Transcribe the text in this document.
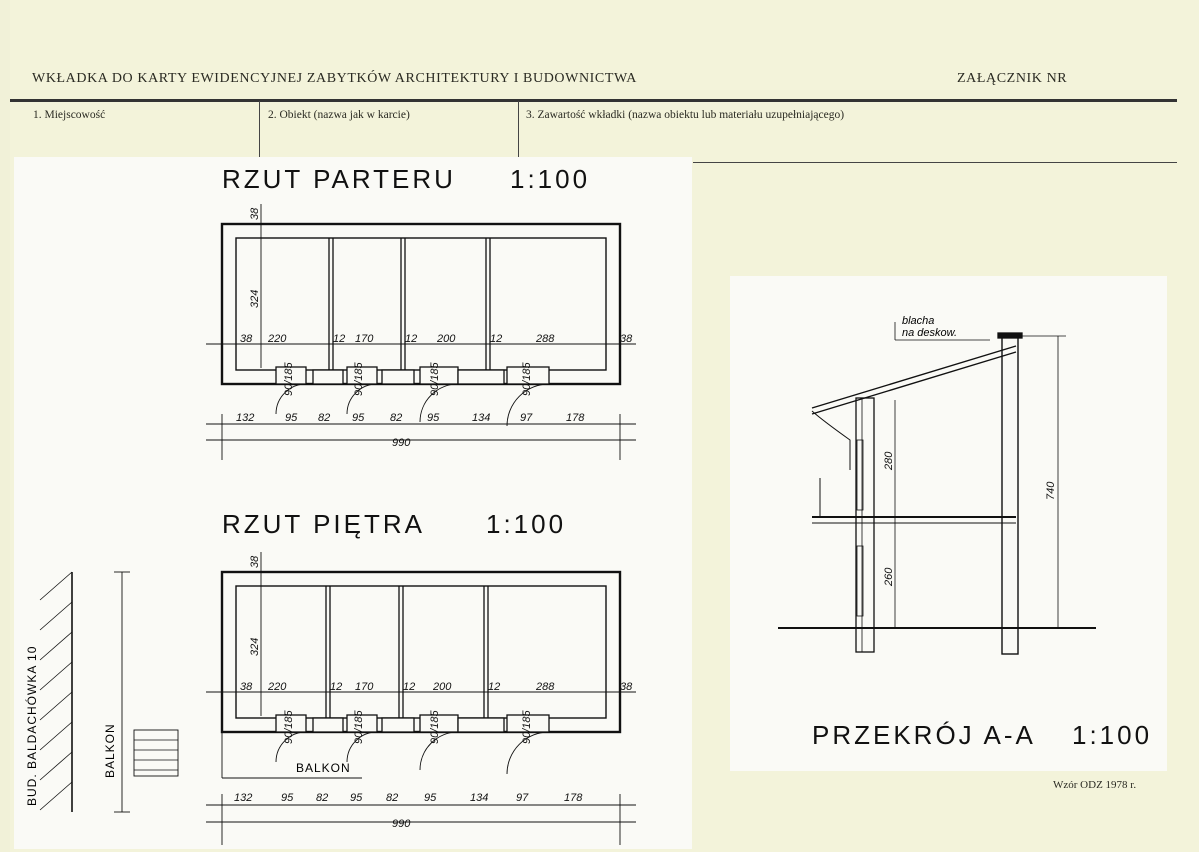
WKŁADKA DO KARTY EWIDENCYJNEJ ZABYTKÓW ARCHITEKTURY I BUDOWNICTWA	ZAŁĄCZNIK NR
1. Miejscowość	2. Obiekt (nazwa jak w karcie)	3. Zawartość wkładki (nazwa obiektu lub materiału uzupełniającego)
RZUT PARTERU 1:100
38 220	12 170	12 200	12	288	38
324
38
90/185	90/185	90/185	90/185
132	95 82 95 82 95	134	97	178
990
RZUT PIĘTRA 1:100
38 220	12 170	12 200	12	288	38
324
38
90/185	90/185	90/185	90/185
BALKON
132	95 82 95 82 95	134	97	178
990
BUD. BALDACHÓWKA 10	BALKON
blacha
na deskow.
280
260
740
PRZEKRÓJ A-A 1:100
Wzór ODZ 1978 r.
